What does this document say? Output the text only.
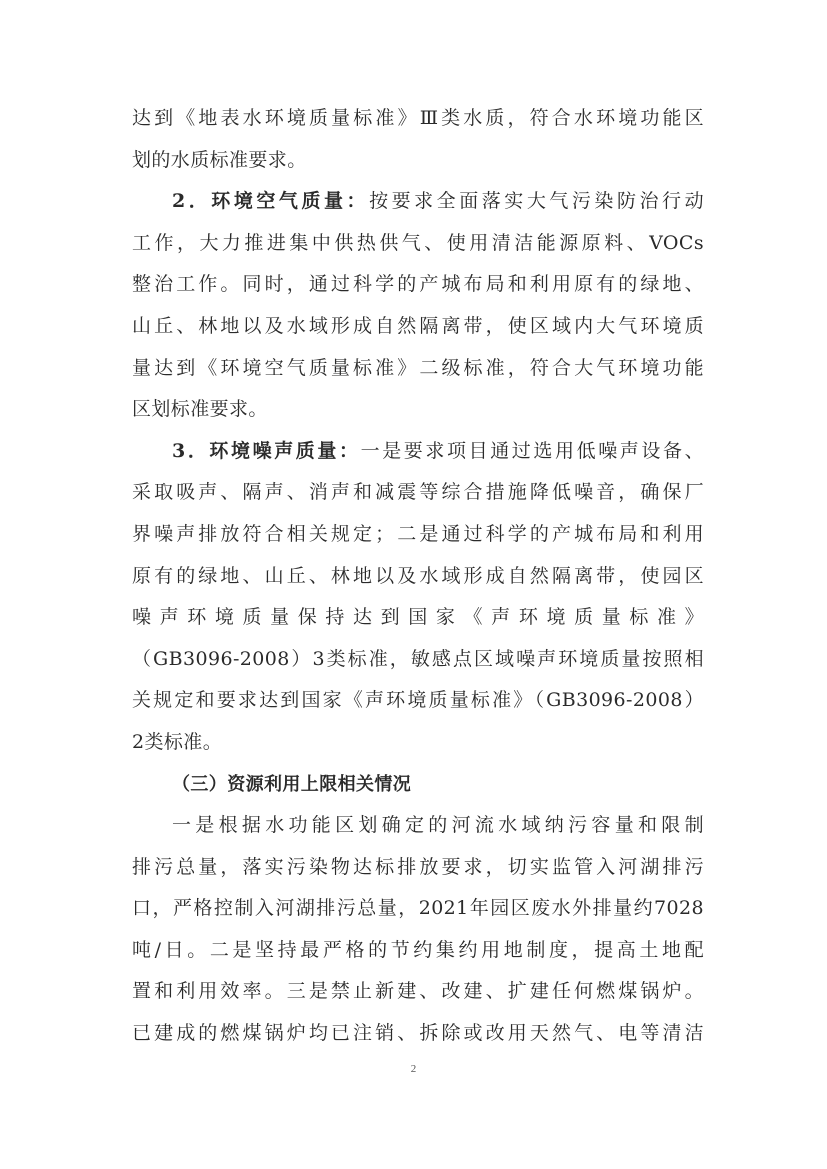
达到《地表水环境质量标准》Ⅲ类水质，符合水环境功能区

划的水质标准要求。

2．环境空气质量：按要求全面落实大气污染防治行动

工作，大力推进集中供热供气、使用清洁能源原料、VOCs

整治工作。同时，通过科学的产城布局和利用原有的绿地、

山丘、林地以及水域形成自然隔离带，使区域内大气环境质

量达到《环境空气质量标准》二级标准，符合大气环境功能

区划标准要求。

3．环境噪声质量：一是要求项目通过选用低噪声设备、

采取吸声、隔声、消声和减震等综合措施降低噪音，确保厂

界噪声排放符合相关规定；二是通过科学的产城布局和利用

原有的绿地、山丘、林地以及水域形成自然隔离带，使园区

噪声环境质量保持达到国家《声环境质量标准》

（GB3096-2008）3类标准，敏感点区域噪声环境质量按照相

关规定和要求达到国家《声环境质量标准》（GB3096-2008）

2类标准。

（三）资源利用上限相关情况

一是根据水功能区划确定的河流水域纳污容量和限制

排污总量，落实污染物达标排放要求，切实监管入河湖排污

口，严格控制入河湖排污总量，2021年园区废水外排量约7028

吨/日。二是坚持最严格的节约集约用地制度，提高土地配

置和利用效率。三是禁止新建、改建、扩建任何燃煤锅炉。

已建成的燃煤锅炉均已注销、拆除或改用天然气、电等清洁

2
